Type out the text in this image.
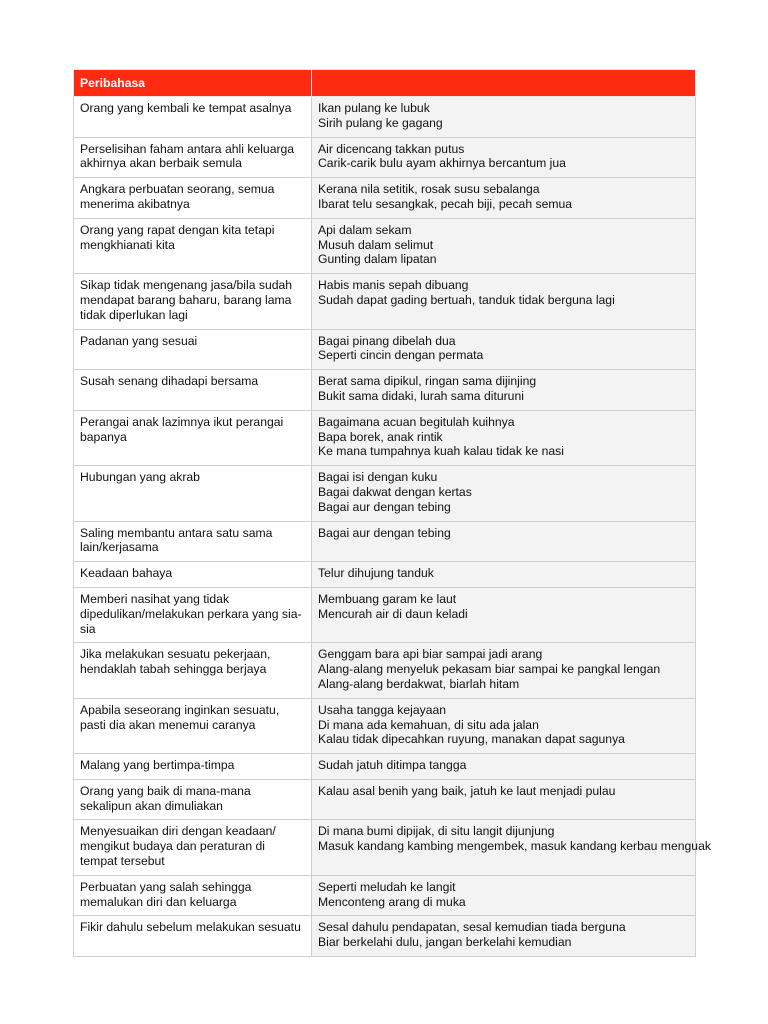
Peribahasa	
Orang yang kembali ke tempat asalnya	Ikan pulang ke lubuk
Sirih pulang ke gagang

Perselisihan faham antara ahli keluarga akhirnya akan berbaik semula	Air dicencang takkan putus
Carik-carik bulu ayam akhirnya bercantum jua

Angkara perbuatan seorang, semua menerima akibatnya	Kerana nila setitik, rosak susu sebalanga
Ibarat telu sesangkak, pecah biji, pecah semua

Orang yang rapat dengan kita tetapi mengkhianati kita	Api dalam sekam
Musuh dalam selimut
Gunting dalam lipatan

Sikap tidak mengenang jasa/bila sudah mendapat barang baharu, barang lama tidak diperlukan lagi	Habis manis sepah dibuang
Sudah dapat gading bertuah, tanduk tidak berguna lagi

Padanan yang sesuai	Bagai pinang dibelah dua
Seperti cincin dengan permata

Susah senang dihadapi bersama	Berat sama dipikul, ringan sama dijinjing
Bukit sama didaki, lurah sama dituruni

Perangai anak lazimnya ikut perangai bapanya	Bagaimana acuan begitulah kuihnya
Bapa borek, anak rintik
Ke mana tumpahnya kuah kalau tidak ke nasi

Hubungan yang akrab	Bagai isi dengan kuku
Bagai dakwat dengan kertas
Bagai aur dengan tebing

Saling membantu antara satu sama lain/kerjasama	Bagai aur dengan tebing

Keadaan bahaya	Telur dihujung tanduk

Memberi nasihat yang tidak dipedulikan/melakukan perkara yang sia-sia	Membuang garam ke laut
Mencurah air di daun keladi

Jika melakukan sesuatu pekerjaan, hendaklah tabah sehingga berjaya	Genggam bara api biar sampai jadi arang
Alang-alang menyeluk pekasam biar sampai ke pangkal lengan
Alang-alang berdakwat, biarlah hitam

Apabila seseorang inginkan sesuatu, pasti dia akan menemui caranya	Usaha tangga kejayaan
Di mana ada kemahuan, di situ ada jalan
Kalau tidak dipecahkan ruyung, manakan dapat sagunya

Malang yang bertimpa-timpa	Sudah jatuh ditimpa tangga

Orang yang baik di mana-mana sekalipun akan dimuliakan	Kalau asal benih yang baik, jatuh ke laut menjadi pulau

Menyesuaikan diri dengan keadaan/ mengikut budaya dan peraturan di tempat tersebut	Di mana bumi dipijak, di situ langit dijunjung
Masuk kandang kambing mengembek, masuk kandang kerbau menguak

Perbuatan yang salah sehingga memalukan diri dan keluarga	Seperti meludah ke langit
Menconteng arang di muka

Fikir dahulu sebelum melakukan sesuatu	Sesal dahulu pendapatan, sesal kemudian tiada berguna
Biar berkelahi dulu, jangan berkelahi kemudian
